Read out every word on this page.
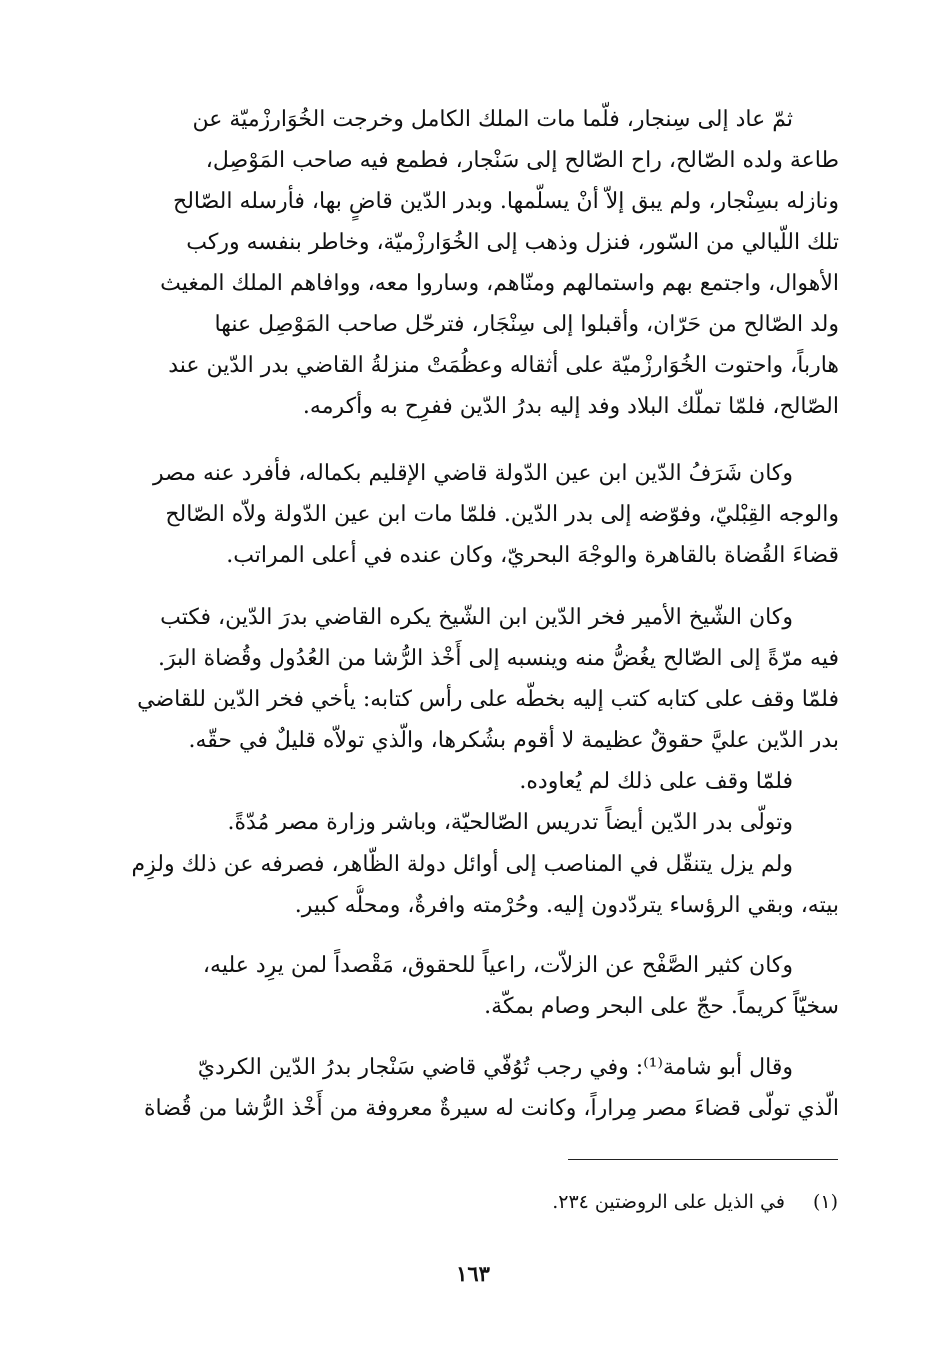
ثمّ عاد إلى سِنجار، فلّما مات الملك الكامل وخرجت الخُوَارزْميّة عن
طاعة ولده الصّالح، راح الصّالح إلى سَنْجار، فطمع فيه صاحب المَوْصِل،
ونازله بسِنْجار، ولم يبق إلاّ أنْ يسلّمها. وبدر الدّين قاضٍ بها، فأرسله الصّالح
تلك اللّيالي من السّور، فنزل وذهب إلى الخُوَارزْميّة، وخاطر بنفسه وركب
الأهوال، واجتمع بهم واستمالهم ومنّاهم، وساروا معه، ووافاهم الملك المغيث
ولد الصّالح من حَرّان، وأقبلوا إلى سِنْجَار، فترحّل صاحب المَوْصِل عنها
هارباً، واحتوت الخُوَارزْميّة على أثقاله وعظُمَتْ منزلةُ القاضي بدر الدّين عند
الصّالح، فلمّا تملّك البلاد وفد إليه بدرُ الدّين ففرِح به وأكرمه.
وكان شَرَفُ الدّين ابن عين الدّولة قاضي الإقليم بكماله، فأفرد عنه مصر
والوجه القِبْليّ، وفوّضه إلى بدر الدّين. فلمّا مات ابن عين الدّولة ولاّه الصّالح
قضاءَ القُضاة بالقاهرة والوجْهَ البحريّ، وكان عنده في أعلى المراتب.
وكان الشّيخ الأمير فخر الدّين ابن الشّيخ يكره القاضي بدرَ الدّين، فكتب
فيه مرّةً إلى الصّالح يغُضُّ منه وينسبه إلى أَخْذ الرُّشا من العُدُول وقُضاة البرَ.
فلمّا وقف على كتابه كتب إليه بخطّه على رأس كتابه: يأخي فخر الدّين للقاضي
بدر الدّين عليَّ حقوقٌ عظيمة لا أقوم بشُكرها، والّذي تولاّه قليلٌ في حقّه.
فلمّا وقف على ذلك لم يُعاوده.
وتولّى بدر الدّين أيضاً تدريس الصّالحيّة، وباشر وزارة مصر مُدّةً.
ولم يزل يتنقّل في المناصب إلى أوائل دولة الظّاهر، فصرفه عن ذلك ولزِم
بيته، وبقي الرؤساء يتردّدون إليه. وحُرْمته وافرةٌ، ومحلُّه كبير.
وكان كثير الصَّفْح عن الزلاّت، راعياً للحقوق، مَقْصداً لمن يرِد عليه،
سخيّاً كريماً. حجّ على البحر وصام بمكّة.
وقال أبو شامة⁽¹⁾: وفي رجب تُوُفّي قاضي سَنْجار بدرُ الدّين الكرديّ
الّذي تولّى قضاءَ مصر مِراراً، وكانت له سيرةٌ معروفة من أَخْذ الرُّشا من قُضاة
(١)في الذيل على الروضتين ٢٣٤.
١٦٣
